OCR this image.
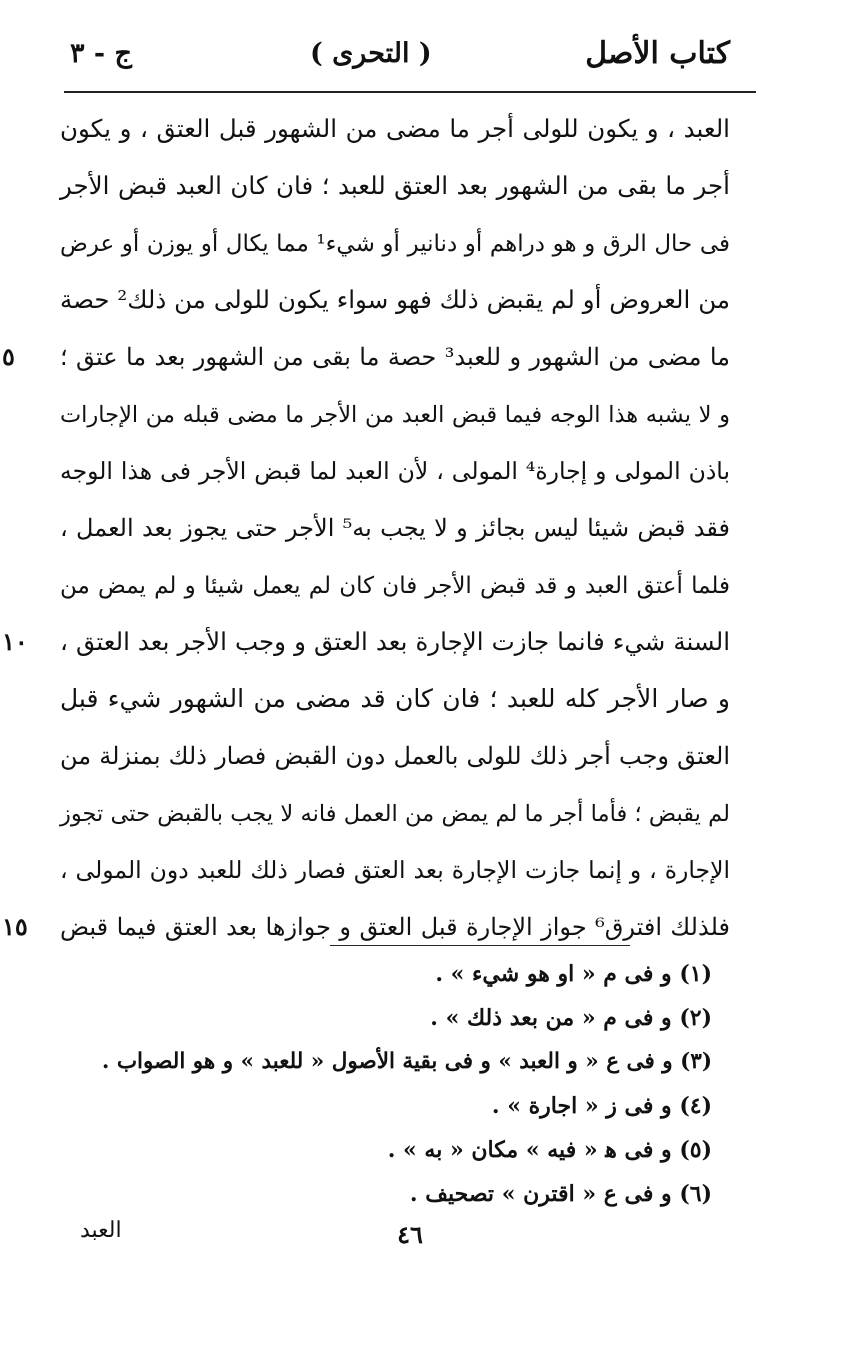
كتاب الأصل
( التحرى )
ج - ٣
العبد ، و يكون للولى أجر ما مضى من الشهور قبل العتق ، و يكون
أجر ما بقى من الشهور بعد العتق للعبد ؛ فان كان العبد قبض الأجر
فى حال الرق و هو دراهم أو دنانير أو شيء¹ مما يكال أو يوزن أو عرض
من العروض أو لم يقبض ذلك فهو سواء يكون للولى من ذلك² حصة
ما مضى من الشهور و للعبد³ حصة ما بقى من الشهور بعد ما عتق ؛
٥
و لا يشبه هذا الوجه فيما قبض العبد من الأجر ما مضى قبله من الإجارات
باذن المولى و إجارة⁴ المولى ، لأن العبد لما قبض الأجر فى هذا الوجه
فقد قبض شيئا ليس بجائز و لا يجب به⁵ الأجر حتى يجوز بعد العمل ،
فلما أعتق العبد و قد قبض الأجر فان كان لم يعمل شيئا و لم يمض من
السنة شيء فانما جازت الإجارة بعد العتق و وجب الأجر بعد العتق ،
١٠
و صار الأجر كله للعبد ؛ فان كان قد مضى من الشهور شيء قبل
العتق وجب أجر ذلك للولى بالعمل دون القبض فصار ذلك بمنزلة من
لم يقبض ؛ فأما أجر ما لم يمض من العمل فانه لا يجب بالقبض حتى تجوز
الإجارة ، و إنما جازت الإجارة بعد العتق فصار ذلك للعبد دون المولى ،
فلذلك افترق⁶ جواز الإجارة قبل العتق و جوازها بعد العتق فيما قبض
١٥
(١) و فى م « او هو شيء » .
(٢) و فى م « من بعد ذلك » .
(٣) و فى ع « و العبد » و فى بقية الأصول « للعبد » و هو الصواب .
(٤) و فى ز « اجارة » .
(٥) و فى ﻫ « فيه » مكان « به » .
(٦) و فى ع « اقترن » تصحيف .
٤٦
العبد
